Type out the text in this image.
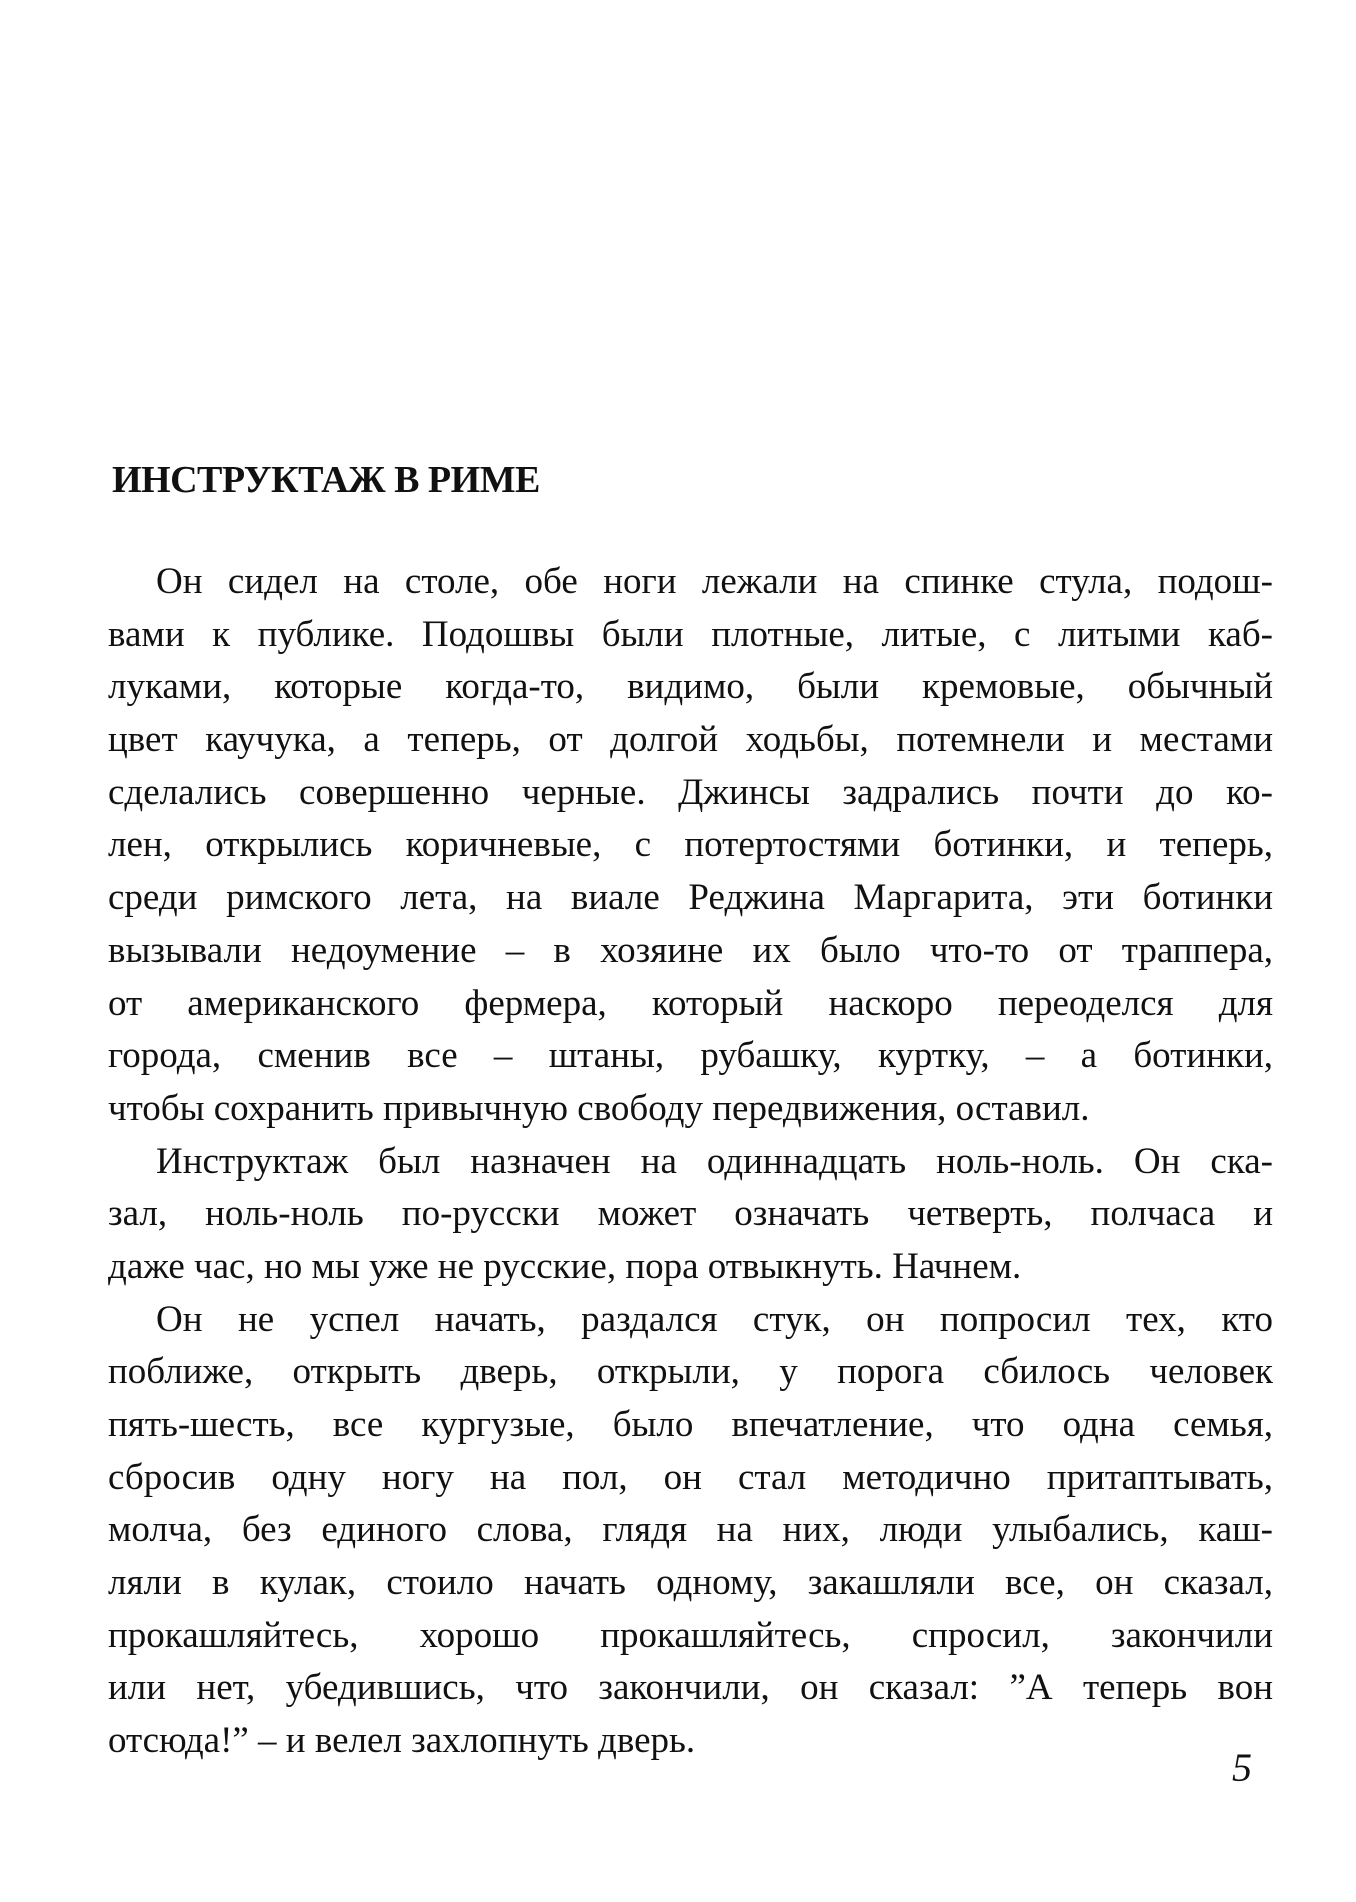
ИНСТРУКТАЖ В РИМЕ
Он сидел на столе, обе ноги лежали на спинке стула, подош-
вами к публике. Подошвы были плотные, литые, с литыми каб-
луками, которые когда-то, видимо, были кремовые, обычный
цвет каучука, а теперь, от долгой ходьбы, потемнели и местами
сделались совершенно черные. Джинсы задрались почти до ко-
лен, открылись коричневые, с потертостями ботинки, и теперь,
среди римского лета, на виале Реджина Маргарита, эти ботинки
вызывали недоумение – в хозяине их было что-то от траппера,
от американского фермера, который наскоро переоделся для
города, сменив все – штаны, рубашку, куртку, – а ботинки,
чтобы сохранить привычную свободу передвижения, оставил.
Инструктаж был назначен на одиннадцать ноль-ноль. Он ска-
зал, ноль-ноль по-русски может означать четверть, полчаса и
даже час, но мы уже не русские, пора отвыкнуть. Начнем.
Он не успел начать, раздался стук, он попросил тех, кто
поближе, открыть дверь, открыли, у порога сбилось человек
пять-шесть, все кургузые, было впечатление, что одна семья,
сбросив одну ногу на пол, он стал методично притаптывать,
молча, без единого слова, глядя на них, люди улыбались, каш-
ляли в кулак, стоило начать одному, закашляли все, он сказал,
прокашляйтесь, хорошо прокашляйтесь, спросил, закончили
или нет, убедившись, что закончили, он сказал: ”А теперь вон
отсюда!” – и велел захлопнуть дверь.
5
